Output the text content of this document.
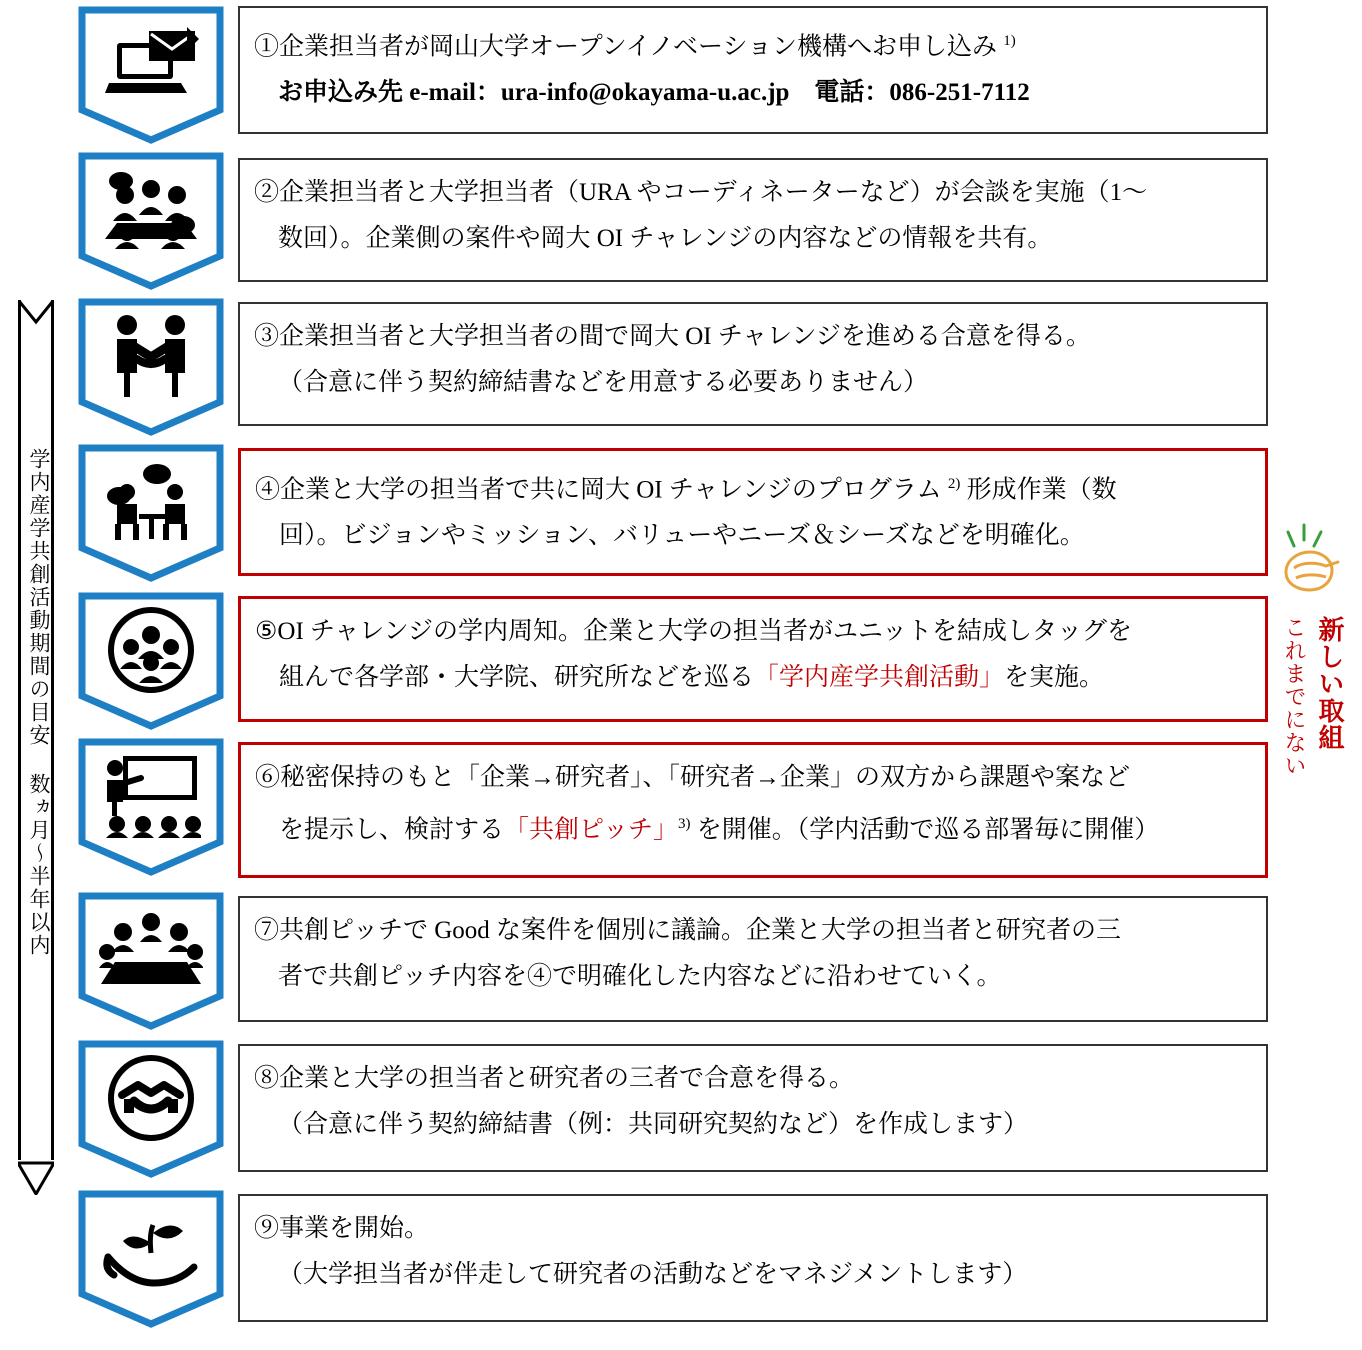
学内産学共創活動期間の目安 数ヵ月〜半年以内	新しい取組
これまでにない
①企業担当者が岡山大学オープンイノベーション機構へお申し込み $^{1)}$
お申込み先 e-mail：ura-info@okayama-u.ac.jp　電話：086-251-7112
②企業担当者と大学担当者（URA やコーディネーターなど）が会談を実施（1〜
数回）。企業側の案件や岡大 OI チャレンジの内容などの情報を共有。
③企業担当者と大学担当者の間で岡大 OI チャレンジを進める合意を得る。
（合意に伴う契約締結書などを用意する必要ありません）
④企業と大学の担当者で共に岡大 OI チャレンジのプログラム $^{2)}$ 形成作業（数
回）。ビジョンやミッション、バリューやニーズ＆シーズなどを明確化。
⑤OI チャレンジの学内周知。企業と大学の担当者がユニットを結成しタッグを
組んで各学部・大学院、研究所などを巡る「学内産学共創活動」を実施。
⑥秘密保持のもと「企業→研究者」、「研究者→企業」の双方から課題や案など
を提示し、検討する「共創ピッチ」$^{3)}$ を開催。（学内活動で巡る部署毎に開催）
⑦共創ピッチで Good な案件を個別に議論。企業と大学の担当者と研究者の三
者で共創ピッチ内容を④で明確化した内容などに沿わせていく。
⑧企業と大学の担当者と研究者の三者で合意を得る。
（合意に伴う契約締結書（例：共同研究契約など）を作成します）
⑨事業を開始。
（大学担当者が伴走して研究者の活動などをマネジメントします）
